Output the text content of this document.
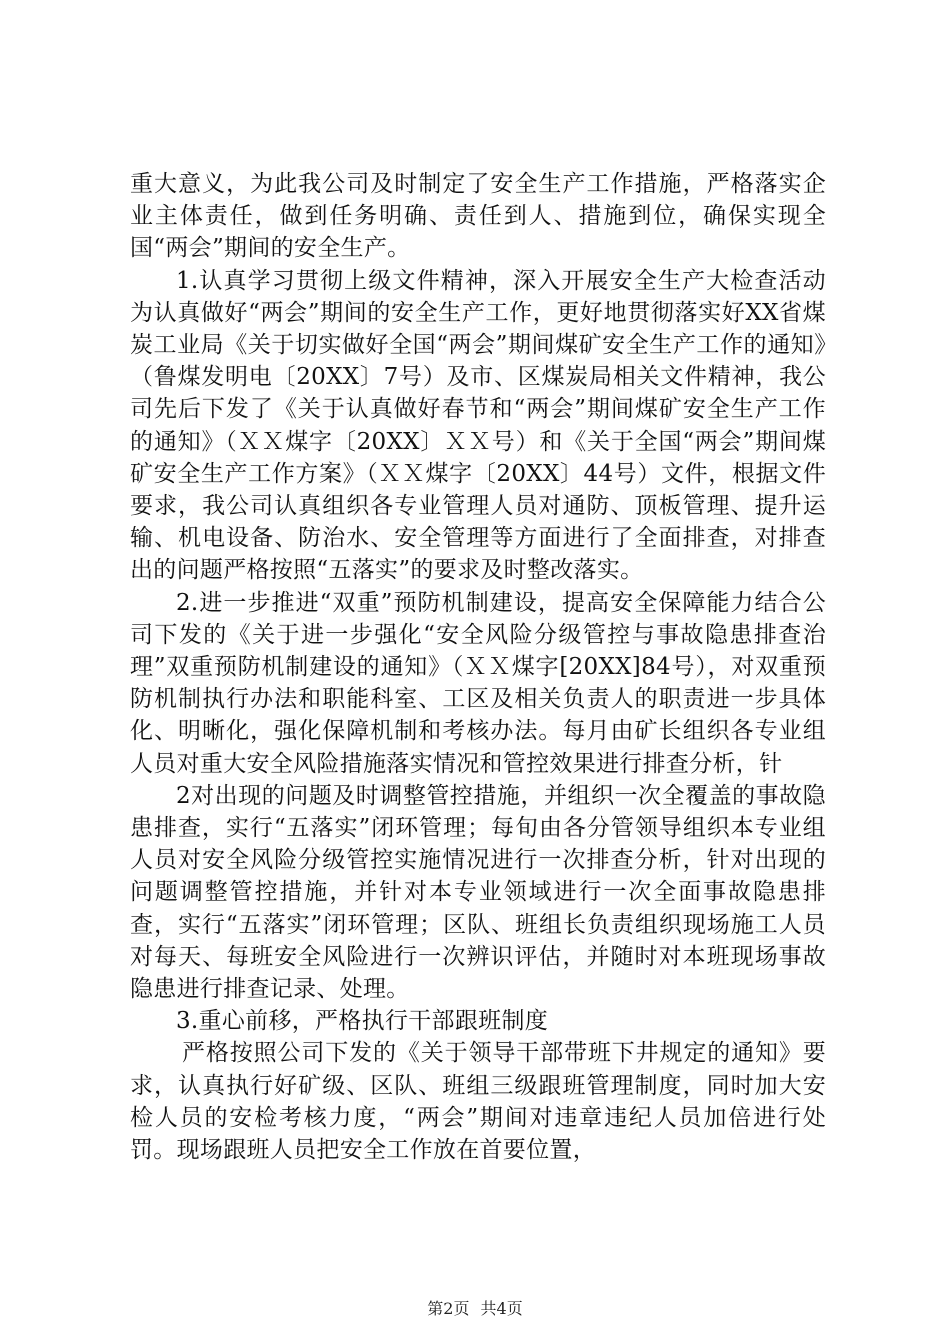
重大意义，为此我公司及时制定了安全生产工作措施，严格落实企业主体责任，做到任务明确、责任到人、措施到位，确保实现全国“两会”期间的安全生产。

1.认真学习贯彻上级文件精神，深入开展安全生产大检查活动为认真做好“两会”期间的安全生产工作，更好地贯彻落实好XX省煤炭工业局《关于切实做好全国“两会”期间煤矿安全生产工作的通知》（鲁煤发明电〔20XX〕7号）及市、区煤炭局相关文件精神，我公司先后下发了《关于认真做好春节和“两会”期间煤矿安全生产工作的通知》（ＸＸ煤字〔20XX〕ＸＸ号）和《关于全国“两会”期间煤矿安全生产工作方案》（ＸＸ煤字〔20XX〕44号）文件，根据文件要求，我公司认真组织各专业管理人员对通防、顶板管理、提升运输、机电设备、防治水、安全管理等方面进行了全面排查，对排查出的问题严格按照“五落实”的要求及时整改落实。

2.进一步推进“双重”预防机制建设，提高安全保障能力结合公司下发的《关于进一步强化“安全风险分级管控与事故隐患排查治理”双重预防机制建设的通知》（ＸＸ煤字[20XX]84号），对双重预防机制执行办法和职能科室、工区及相关负责人的职责进一步具体化、明晰化，强化保障机制和考核办法。每月由矿长组织各专业组人员对重大安全风险措施落实情况和管控效果进行排查分析，针

2对出现的问题及时调整管控措施，并组织一次全覆盖的事故隐患排查，实行“五落实”闭环管理；每旬由各分管领导组织本专业组人员对安全风险分级管控实施情况进行一次排查分析，针对出现的问题调整管控措施，并针对本专业领域进行一次全面事故隐患排查，实行“五落实”闭环管理；区队、班组长负责组织现场施工人员对每天、每班安全风险进行一次辨识评估，并随时对本班现场事故隐患进行排查记录、处理。

3.重心前移，严格执行干部跟班制度

严格按照公司下发的《关于领导干部带班下井规定的通知》要求，认真执行好矿级、区队、班组三级跟班管理制度，同时加大安检人员的安检考核力度，“两会”期间对违章违纪人员加倍进行处罚。现场跟班人员把安全工作放在首要位置，

第2页 共4页
